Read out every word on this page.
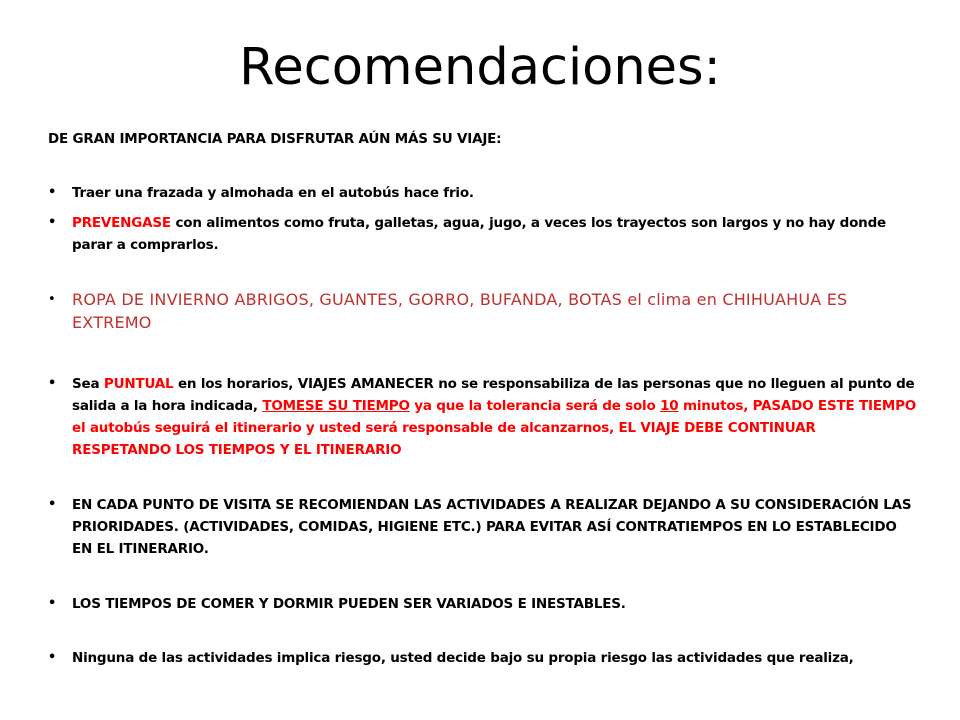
Recomendaciones:
DE GRAN IMPORTANCIA PARA DISFRUTAR AÚN MÁS SU VIAJE:
•	Traer una frazada y almohada en el autobús hace frio.
•	PREVENGASE con alimentos como fruta, galletas, agua, jugo, a veces los trayectos son largos y no hay donde parar a comprarlos.
•	ROPA DE INVIERNO ABRIGOS, GUANTES, GORRO, BUFANDA, BOTAS el clima en CHIHUAHUA ES EXTREMO
•	Sea PUNTUAL en los horarios, VIAJES AMANECER no se responsabiliza de las personas que no lleguen al punto de salida a la hora indicada, TOMESE SU TIEMPO ya que la tolerancia será de solo 10 minutos, PASADO ESTE TIEMPO el autobús seguirá el itinerario y usted será responsable de alcanzarnos, EL VIAJE DEBE CONTINUAR RESPETANDO LOS TIEMPOS Y EL ITINERARIO
•	EN CADA PUNTO DE VISITA SE RECOMIENDAN LAS ACTIVIDADES A REALIZAR DEJANDO A SU CONSIDERACIÓN LAS PRIORIDADES. (ACTIVIDADES, COMIDAS, HIGIENE ETC.) PARA EVITAR ASÍ CONTRATIEMPOS EN LO ESTABLECIDO EN EL ITINERARIO.
•	LOS TIEMPOS DE COMER Y DORMIR PUEDEN SER VARIADOS E INESTABLES.
•	Ninguna de las actividades implica riesgo, usted decide bajo su propia riesgo las actividades que realiza,
